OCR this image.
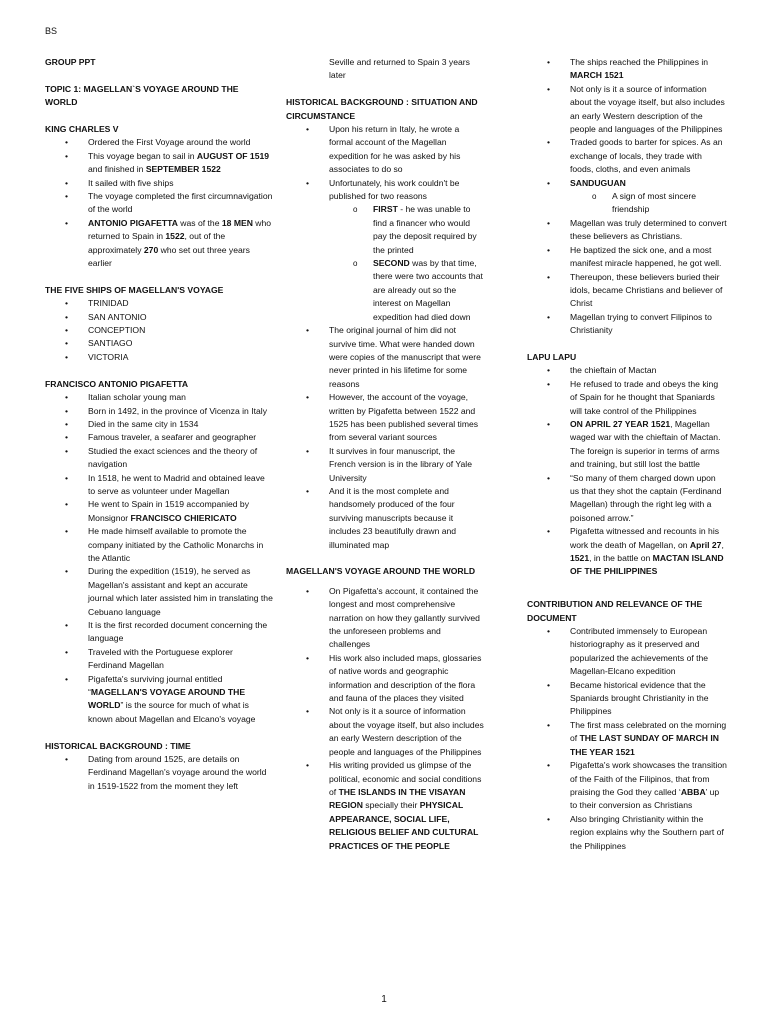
BS

GROUP PPT

TOPIC 1: MAGELLAN`S VOYAGE AROUND THE WORLD

KING CHARLES V

• Ordered the First Voyage around the world
• This voyage began to sail in AUGUST OF 1519 and finished in SEPTEMBER 1522
• It sailed with five ships
• The voyage completed the first circumnavigation of the world
• ANTONIO PIGAFETTA was of the 18 MEN who returned to Spain in 1522, out of the approximately 270 who set out three years earlier

THE FIVE SHIPS OF MAGELLAN'S VOYAGE

• TRINIDAD
• SAN ANTONIO
• CONCEPTION
• SANTIAGO
• VICTORIA

FRANCISCO ANTONIO PIGAFETTA

• Italian scholar young man
• Born in 1492, in the province of Vicenza in Italy
• Died in the same city in 1534
• Famous traveler, a seafarer and geographer
• Studied the exact sciences and the theory of navigation
• In 1518, he went to Madrid and obtained leave to serve as volunteer under Magellan
• He went to Spain in 1519 accompanied by Monsignor FRANCISCO CHIERICATO
• He made himself available to promote the company initiated by the Catholic Monarchs in the Atlantic
• During the expedition (1519), he served as Magellan's assistant and kept an accurate journal which later assisted him in translating the Cebuano language
• It is the first recorded document concerning the language
• Traveled with the Portuguese explorer Ferdinand Magellan
• Pigafetta's surviving journal entitled “MAGELLAN'S VOYAGE AROUND THE WORLD” is the source for much of what is known about Magellan and Elcano's voyage

HISTORICAL BACKGROUND : TIME

• Dating from around 1525, are details on Ferdinand Magellan's voyage around the world in 1519-1522 from the moment they left
Seville and returned to Spain 3 years later

HISTORICAL BACKGROUND : SITUATION AND CIRCUMSTANCE

• Upon his return in Italy, he wrote a formal account of the Magellan expedition for he was asked by his associates to do so
• Unfortunately, his work couldn't be published for two reasons
o FIRST - he was unable to find a financer who would pay the deposit required by the printed
o SECOND was by that time, there were two accounts that are already out so the interest on Magellan expedition had died down
• The original journal of him did not survive time. What were handed down were copies of the manuscript that were never printed in his lifetime for some reasons
• However, the account of the voyage, written by Pigafetta between 1522 and 1525 has been published several times from several variant sources
• It survives in four manuscript, the French version is in the library of Yale University
• And it is the most complete and handsomely produced of the four surviving manuscripts because it includes 23 beautifully drawn and illuminated map

MAGELLAN'S VOYAGE AROUND THE WORLD

• On Pigafetta's account, it contained the longest and most comprehensive narration on how they gallantly survived the unforeseen problems and challenges
• His work also included maps, glossaries of native words and geographic information and description of the flora and fauna of the places they visited
• Not only is it a source of information about the voyage itself, but also includes an early Western description of the people and languages of the Philippines
• His writing provided us glimpse of the political, economic and social conditions of THE ISLANDS IN THE VISAYAN REGION specially their PHYSICAL APPEARANCE, SOCIAL LIFE, RELIGIOUS BELIEF AND CULTURAL PRACTICES OF THE PEOPLE
• The ships reached the Philippines in MARCH 1521
• Not only is it a source of information about the voyage itself, but also includes an early Western description of the people and languages of the Philippines
• Traded goods to barter for spices. As an exchange of locals, they trade with foods, cloths, and even animals
• SANDUGUAN
o A sign of most sincere friendship
• Magellan was truly determined to convert these believers as Christians.
• He baptized the sick one, and a most manifest miracle happened, he got well.
• Thereupon, these believers buried their idols, became Christians and believer of Christ
• Magellan trying to convert Filipinos to Christianity

LAPU LAPU

• the chieftain of Mactan
• He refused to trade and obeys the king of Spain for he thought that Spaniards will take control of the Philippines
• ON APRIL 27 YEAR 1521, Magellan waged war with the chieftain of Mactan. The foreign is superior in terms of arms and training, but still lost the battle
• “So many of them charged down upon us that they shot the captain (Ferdinand Magellan) through the right leg with a poisoned arrow.”
• Pigafetta witnessed and recounts in his work the death of Magellan, on April 27, 1521, in the battle on MACTAN ISLAND OF THE PHILIPPINES

CONTRIBUTION AND RELEVANCE OF THE DOCUMENT

• Contributed immensely to European historiography as it preserved and popularized the achievements of the Magellan-Elcano expedition
• Became historical evidence that the Spaniards brought Christianity in the Philippines
• The first mass celebrated on the morning of THE LAST SUNDAY OF MARCH IN THE YEAR 1521
• Pigafetta's work showcases the transition of the Faith of the Filipinos, that from praising the God they called ‘ABBA’ up to their conversion as Christians
• Also bringing Christianity within the region explains why the Southern part of the Philippines
1
